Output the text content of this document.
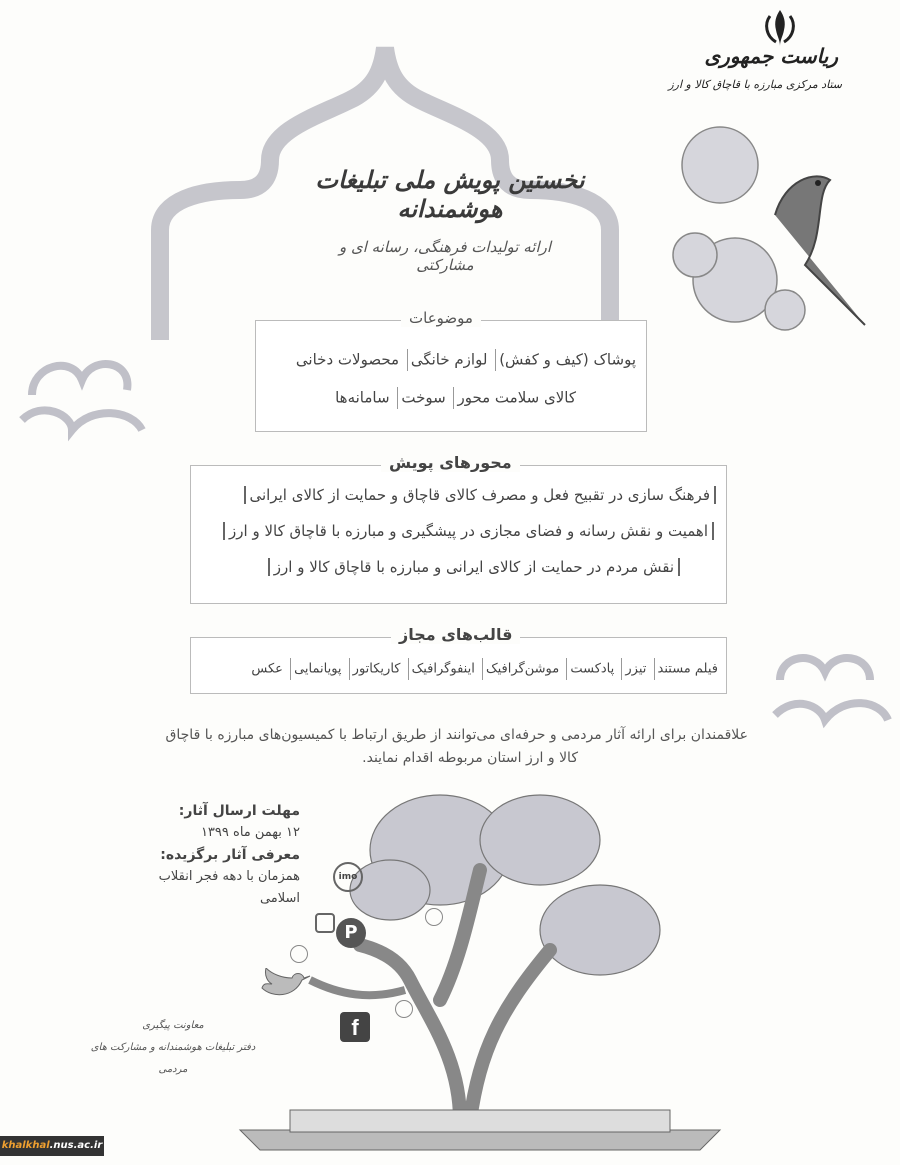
ریاست جمهوری
ستاد مرکزی مبارزه با قاچاق کالا و ارز
نخستین پویش ملی تبلیغات هوشمندانه
ارائه تولیدات فرهنگی، رسانه ای و مشارکتی
موضوعات
پوشاک (کیف و کفش) لوازم خانگی محصولات دخانی
کالای سلامت محور سوخت سامانه‌ها
محورهای پویش
فرهنگ سازی در تقبیح فعل و مصرف کالای قاچاق و حمایت از کالای ایرانی
اهمیت و نقش رسانه و فضای مجازی در پیشگیری و مبارزه با قاچاق کالا و ارز
نقش مردم در حمایت از کالای ایرانی و مبارزه با قاچاق کالا و ارز
قالب‌های مجاز
فیلم مستند تیزر پادکست موشن‌گرافیک اینفوگرافیک کاریکاتور پویانمایی عکس
علاقمندان برای ارائه آثار مردمی و حرفه‌ای می‌توانند از طریق ارتباط با کمیسیون‌های مبارزه با قاچاق
کالا و ارز استان مربوطه اقدام نمایند.
مهلت ارسال آثار:
۱۲ بهمن ماه ۱۳۹۹
معرفی آثار برگزیده:
همزمان با دهه فجر انقلاب
اسلامی
imo
P
f
معاونت پیگیری
دفتر تبلیغات هوشمندانه و مشارکت های مردمی
khalkhal.nus.ac.ir
